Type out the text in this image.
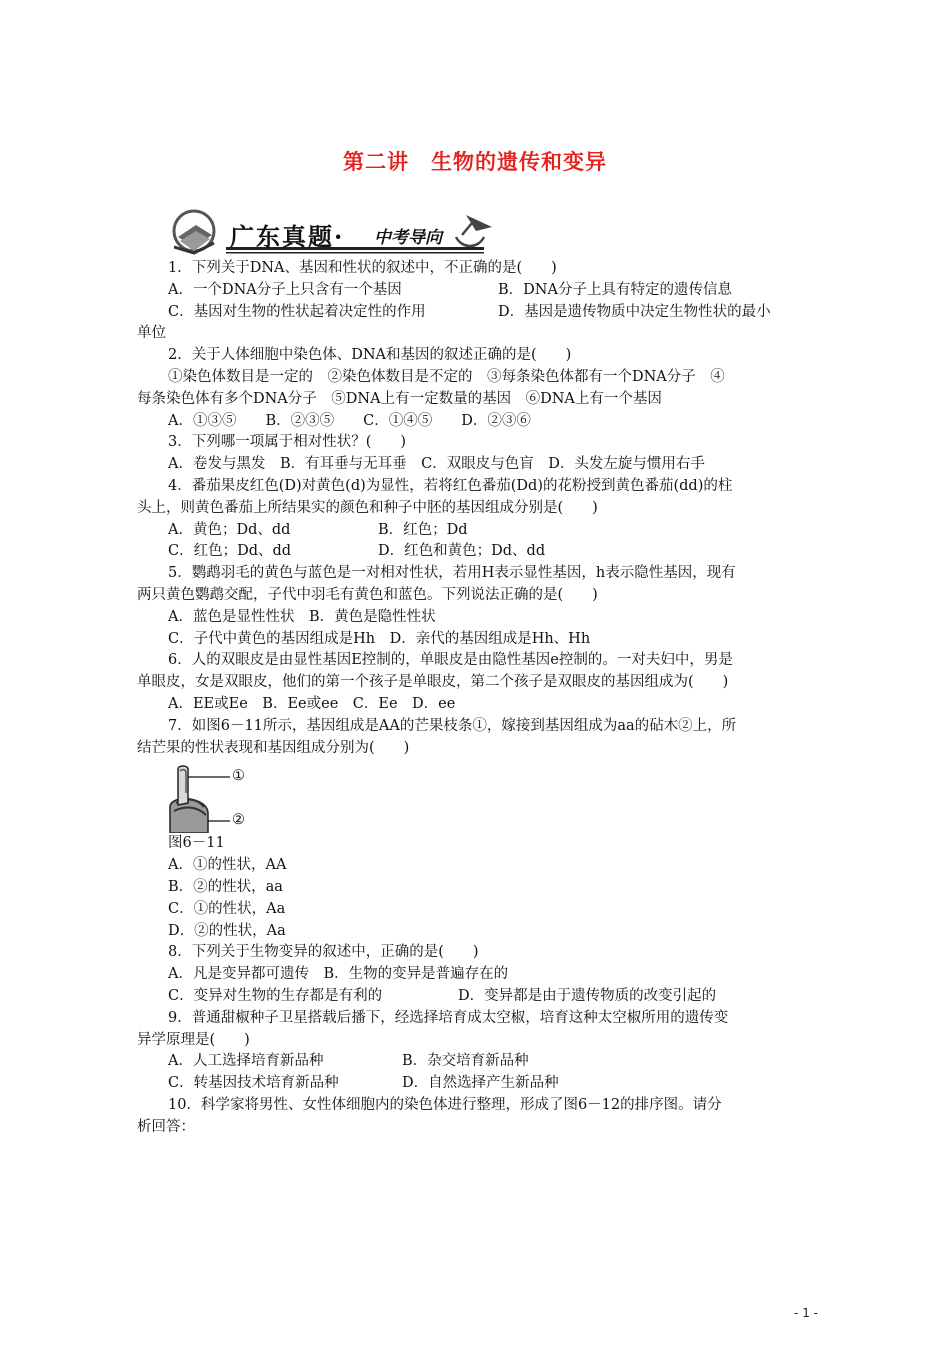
第二讲　生物的遗传和变异
广东真题· 中考导向
1．下列关于DNA、基因和性状的叙述中，不正确的是(　　)
A．一个DNA分子上只含有一个基因	B．DNA分子上具有特定的遗传信息
C．基因对生物的性状起着决定性的作用	D．基因是遗传物质中决定生物性状的最小
单位
2．关于人体细胞中染色体、DNA和基因的叙述正确的是(　　)
①染色体数目是一定的　②染色体数目是不定的　③每条染色体都有一个DNA分子　④
每条染色体有多个DNA分子　⑤DNA上有一定数量的基因　⑥DNA上有一个基因
A．①③⑤　　B．②③⑤　　C．①④⑤　　D．②③⑥
3．下列哪一项属于相对性状？(　　)
A．卷发与黑发　B．有耳垂与无耳垂　C．双眼皮与色盲　D．头发左旋与惯用右手
4．番茄果皮红色(D)对黄色(d)为显性，若将红色番茄(Dd)的花粉授到黄色番茄(dd)的柱
头上，则黄色番茄上所结果实的颜色和种子中胚的基因组成分别是(　　)
A．黄色；Dd、dd	B．红色；Dd
C．红色；Dd、dd	D．红色和黄色；Dd、dd
5．鹦鹉羽毛的黄色与蓝色是一对相对性状，若用H表示显性基因，h表示隐性基因，现有
两只黄色鹦鹉交配，子代中羽毛有黄色和蓝色。下列说法正确的是(　　)
A．蓝色是显性性状　B．黄色是隐性性状
C．子代中黄色的基因组成是Hh　D．亲代的基因组成是Hh、Hh
6．人的双眼皮是由显性基因E控制的，单眼皮是由隐性基因e控制的。一对夫妇中，男是
单眼皮，女是双眼皮，他们的第一个孩子是单眼皮，第二个孩子是双眼皮的基因组成为(　　)
A．EE或Ee　B．Ee或ee　C．Ee　D．ee
7．如图6－11所示，基因组成是AA的芒果枝条①，嫁接到基因组成为aa的砧木②上，所
结芒果的性状表现和基因组成分别为(　　)
①
②
图6－11
A．①的性状，AA
B．②的性状，aa
C．①的性状，Aa
D．②的性状，Aa
8．下列关于生物变异的叙述中，正确的是(　　)
A．凡是变异都可遗传　B．生物的变异是普遍存在的
C．变异对生物的生存都是有利的	D．变异都是由于遗传物质的改变引起的
9．普通甜椒种子卫星搭载后播下，经选择培育成太空椒，培育这种太空椒所用的遗传变
异学原理是(　　)
A．人工选择培育新品种	B．杂交培育新品种
C．转基因技术培育新品种	D．自然选择产生新品种
10．科学家将男性、女性体细胞内的染色体进行整理，形成了图6－12的排序图。请分
析回答：
- 1 -
